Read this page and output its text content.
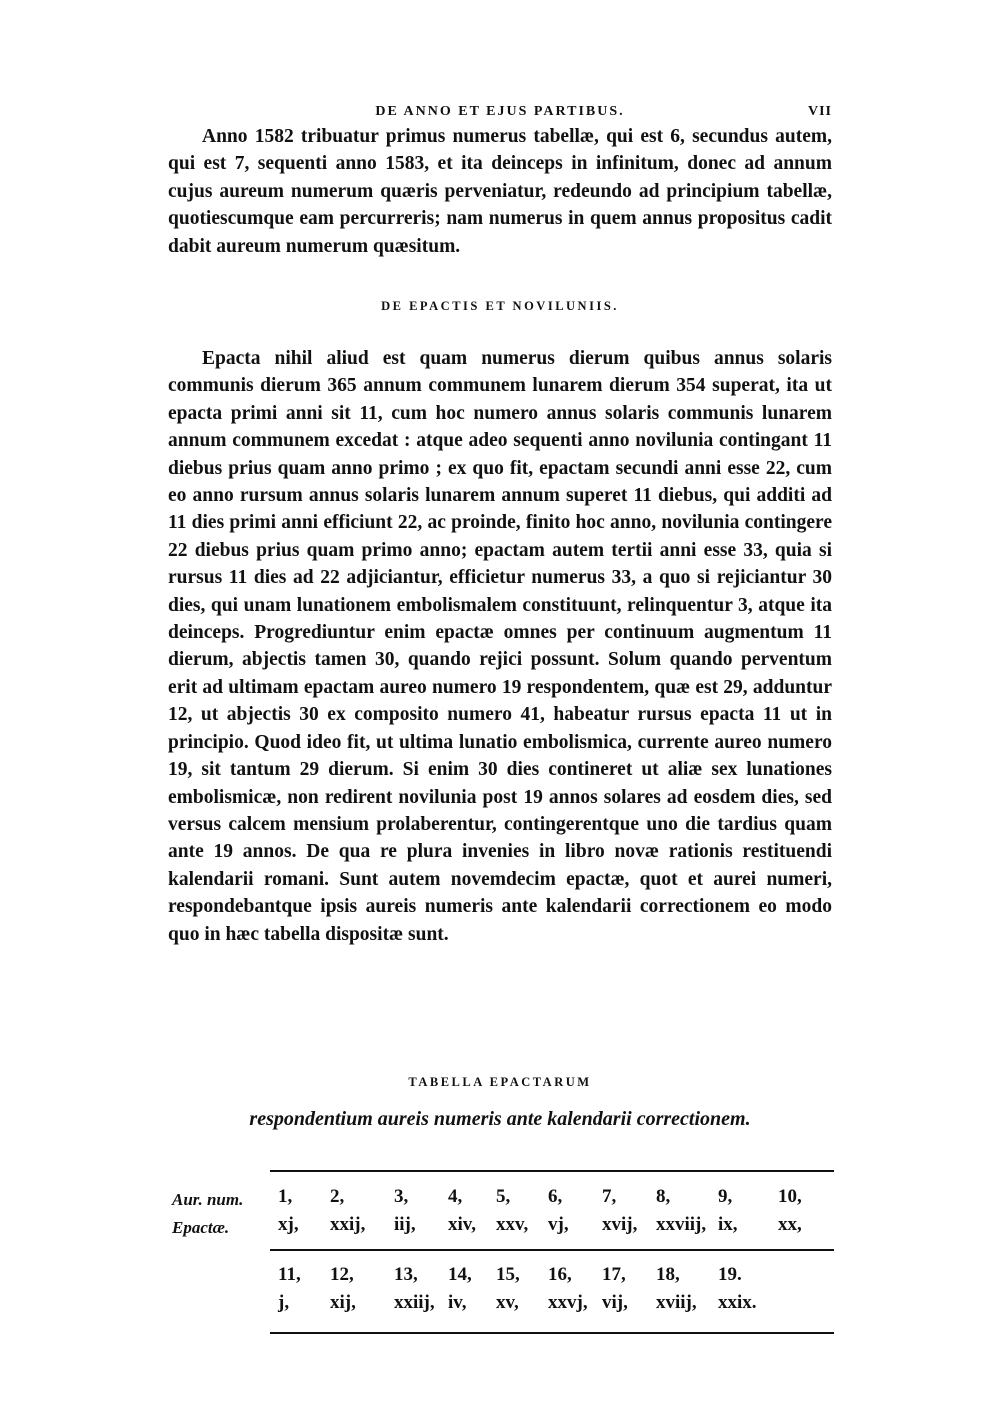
DE ANNO ET EJUS PARTIBUS.	VII

Anno 1582 tribuatur primus numerus tabellæ, qui est 6, secundus autem, qui est 7, sequenti anno 1583, et ita deinceps in infinitum, donec ad annum cujus aureum numerum quæris perveniatur, redeundo ad principium tabellæ, quotiescumque eam percurreris; nam numerus in quem annus propositus cadit dabit aureum numerum quæsitum.

DE EPACTIS ET NOVILUNIIS.

Epacta nihil aliud est quam numerus dierum quibus annus solaris communis dierum 365 annum communem lunarem dierum 354 superat, ita ut epacta primi anni sit 11, cum hoc numero annus solaris communis lunarem annum communem excedat : atque adeo sequenti anno novilunia contingant 11 diebus prius quam anno primo ; ex quo fit, epactam secundi anni esse 22, cum eo anno rursum annus solaris lunarem annum superet 11 diebus, qui additi ad 11 dies primi anni efficiunt 22, ac proinde, finito hoc anno, novilunia contingere 22 diebus prius quam primo anno; epactam autem tertii anni esse 33, quia si rursus 11 dies ad 22 adjiciantur, efficietur numerus 33, a quo si rejiciantur 30 dies, qui unam lunationem embolismalem constituunt, relinquentur 3, atque ita deinceps. Progrediuntur enim epactæ omnes per continuum augmentum 11 dierum, abjectis tamen 30, quando rejici possunt. Solum quando perventum erit ad ultimam epactam aureo numero 19 respondentem, quæ est 29, adduntur 12, ut abjectis 30 ex composito numero 41, habeatur rursus epacta 11 ut in principio. Quod ideo fit, ut ultima lunatio embolismica, currente aureo numero 19, sit tantum 29 dierum. Si enim 30 dies contineret ut aliæ sex lunationes embolismicæ, non redirent novilunia post 19 annos solares ad eosdem dies, sed versus calcem mensium prolaberentur, contingerentque uno die tardius quam ante 19 annos. De qua re plura invenies in libro novæ rationis restituendi kalendarii romani. Sunt autem novemdecim epactæ, quot et aurei numeri, respondebantque ipsis aureis numeris ante kalendarii correctionem eo modo quo in hæc tabella dispositæ sunt.

TABELLA EPACTARUM

respondentium aureis numeris ante kalendarii correctionem.

Aur. num.
Epactæ.
1, 2,	3, 4, 5, 6, 7, 8,	9, 10,
xj, xxij, iij, xiv, xxv, vj, xvij, xxviij, ix, xx,
11, 12, 13, 14, 15, 16, 17, 18, 19.
j, xij, xxiij, iv, xv, xxvj, vij, xviij, xxix.
